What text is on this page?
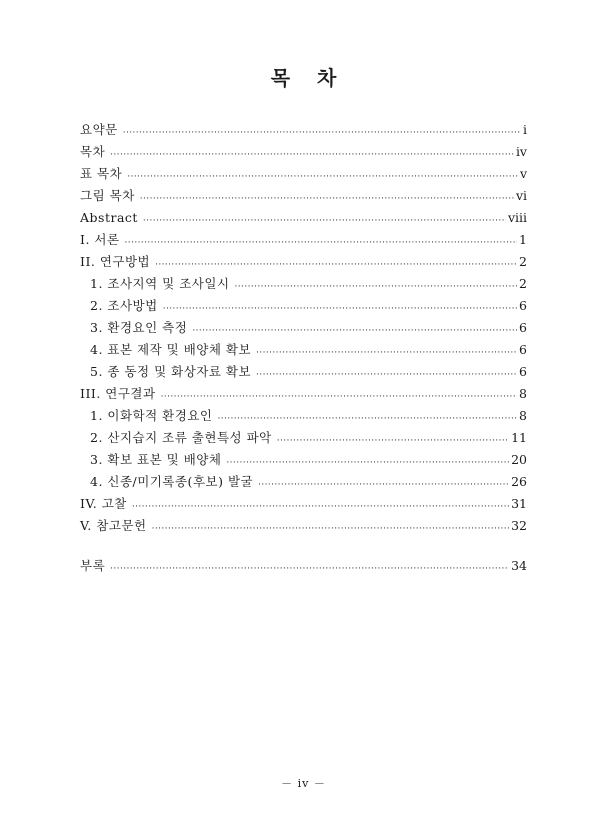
목 차
요약문 ·····	i
목차 ·····	iv
표 목차 ·····	v
그림 목차 ·····	vi
Abstract ·····	viii
I. 서론 ·····	1
II. 연구방법 ·····	2
1. 조사지역 및 조사일시 ·····	2
2. 조사방법 ·····	6
3. 환경요인 측정 ·····	6
4. 표본 제작 및 배양체 확보 ·····	6
5. 종 동정 및 화상자료 확보 ·····	6
III. 연구결과 ·····	8
1. 이화학적 환경요인 ·····	8
2. 산지습지 조류 출현특성 파악 ·····	11
3. 확보 표본 및 배양체 ·····	20
4. 신종/미기록종(후보) 발굴 ·····	26
IV. 고찰 ·····	31
V. 참고문헌 ·····	32
부록 ·····	34
－ iv －
